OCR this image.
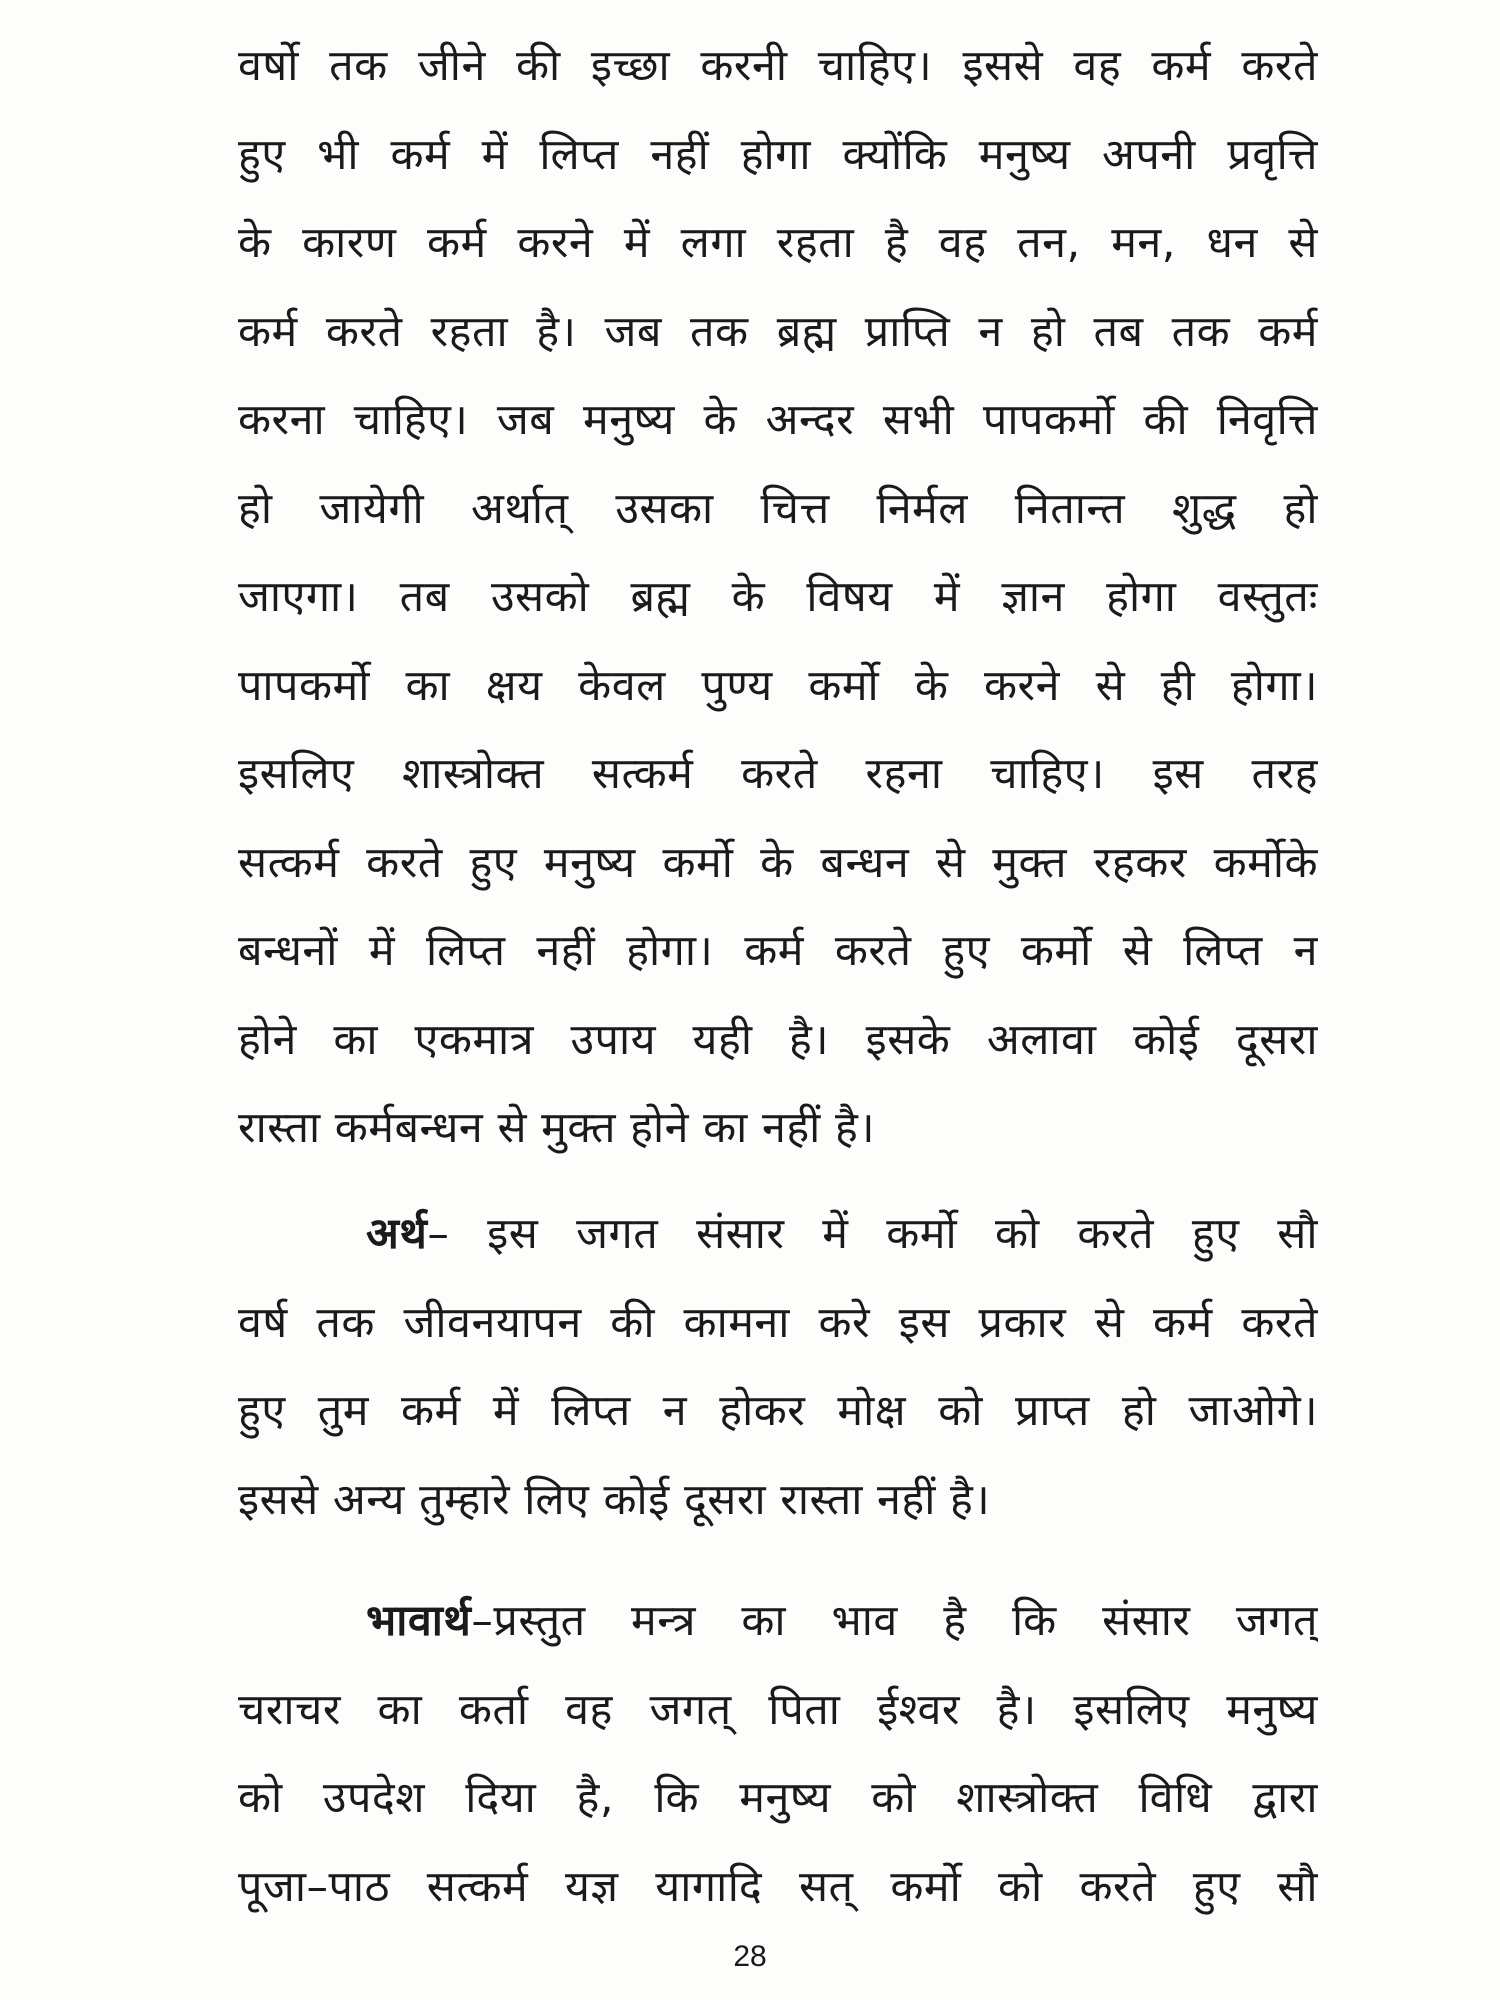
वर्षो तक जीने की इच्छा करनी चाहिए। इससे वह कर्म करते
हुए भी कर्म में लिप्त नहीं होगा क्योंकि मनुष्य अपनी प्रवृत्ति
के कारण कर्म करने में लगा रहता है वह तन, मन, धन से
कर्म करते रहता है। जब तक ब्रह्म प्राप्ति न हो तब तक कर्म
करना चाहिए। जब मनुष्य के अन्दर सभी पापकर्मो की निवृत्ति
हो जायेगी अर्थात् उसका चित्त निर्मल नितान्त शुद्ध हो
जाएगा। तब उसको ब्रह्म के विषय में ज्ञान होगा वस्तुतः
पापकर्मो का क्षय केवल पुण्य कर्मो के करने से ही होगा।
इसलिए शास्त्रोक्त सत्कर्म करते रहना चाहिए। इस तरह
सत्कर्म करते हुए मनुष्य कर्मो के बन्धन से मुक्त रहकर कर्मोके
बन्धनों में लिप्त नहीं होगा। कर्म करते हुए कर्मो से लिप्त न
होने का एकमात्र उपाय यही है। इसके अलावा कोई दूसरा
रास्ता कर्मबन्धन से मुक्त होने का नहीं है।
अर्थ– इस जगत संसार में कर्मो को करते हुए सौ
वर्ष तक जीवनयापन की कामना करे इस प्रकार से कर्म करते
हुए तुम कर्म में लिप्त न होकर मोक्ष को प्राप्त हो जाओगे।
इससे अन्य तुम्हारे लिए कोई दूसरा रास्ता नहीं है।
भावार्थ–प्रस्तुत मन्त्र का भाव है कि संसार जगत्
चराचर का कर्ता वह जगत् पिता ईश्वर है। इसलिए मनुष्य
को उपदेश दिया है, कि मनुष्य को शास्त्रोक्त विधि द्वारा
पूजा–पाठ सत्कर्म यज्ञ यागादि सत् कर्मो को करते हुए सौ
28
